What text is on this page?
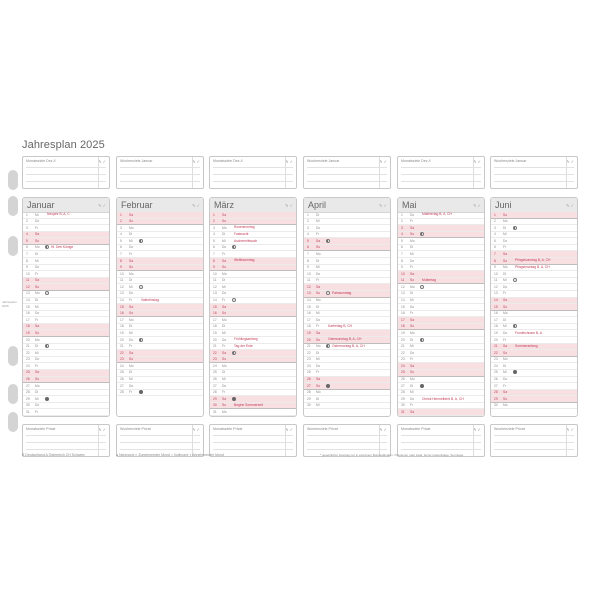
Jahresplan 2025
Jahresplan 2025
Monatsziele Dez./I	✎ ✓	Wochenziele Januar	✎ ✓	Monatsziele Dez./I	✎ ✓	Wochenziele Januar	✎ ✓	Monatsziele Dez./I	✎ ✓	Wochenziele Januar	✎ ✓
Januar	✎ ✓
1 Mi	Neujahr B, A, C
2 Do
3 Fr
4 Sa
5 So
6 Mo	Hl. Drei Könige
7 Di
8 Mi
9 Do
10 Fr
11 Sa
12 So
13 Mo
14 Di
15 Mi
16 Do
17 Fr
18 Sa
19 So
20 Mo
21 Di
22 Mi
23 Do
24 Fr
25 Sa
26 So
27 Mo
28 Di
29 Mi
30 Do
31 Fr
Februar	✎ ✓
1 Sa
2 So
3 Mo
4 Di
5 Mi
6 Do
7 Fr
8 Sa
9 So
10 Mo
11 Di
12 Mi
13 Do
14 Fr	Valentinstag
15 Sa
16 So
17 Mo
18 Di
19 Mi
20 Do
21 Fr
22 Sa
23 So
24 Mo
25 Di
26 Mi
27 Do
28 Fr
März	✎ ✓
1 Sa
2 So
3 Mo Rosenmontag
4 Di	Fastnacht
5 Mi	Aschermittwoch
6 Do
7 Fr
8 Sa Weltfrauentag
9 So
10 Mo
11 Di
12 Mi
13 Do
14 Fr
15 Sa
16 So
17 Mo
18 Di
19 Mi
20 Do Frühlingsanfang
21 Fr	Tag der Erde
22 Sa
23 So
24 Mo
25 Di
26 Mi
27 Do
28 Fr
29 Sa
30 So Beginn Sommerzeit
31 Mo
April	✎ ✓
1 Di
2 Mi
3 Do
4 Fr
5 Sa
6 So
7 Mo
8 Di
9 Mi
10 Do
11 Fr
12 Sa
13 So	Palmsonntag
14 Mo
15 Di
16 Mi
17 Do
18 Fr	Karfreitag B, CH
19 Sa
20 So Ostersonntag B, A, CH
21 Mo	Ostermontag B, A, CH
22 Di
23 Mi
24 Do
25 Fr
26 Sa
27 So
28 Mo
29 Di
30 Mi
Mai	✎ ✓
1 Do Maifeiertag B, A, CH
2 Fr
3 Sa
4 So
5 Mo
6 Di
7 Mi
8 Do
9 Fr
10 Sa
11 So Muttertag
12 Mo
13 Di
14 Mi
15 Do
16 Fr
17 Sa
18 So
19 Mo
20 Di
21 Mi
22 Do
23 Fr
24 Sa
25 So
26 Mo
27 Di
28 Mi
29 Do Christi Himmelfahrt B, A, CH
30 Fr
31 Sa
Juni	✎ ✓
1 So
2 Mo
3 Di
4 Mi
5 Do
6 Fr
7 Sa
8 So Pfingstsonntag B, A, CH
9 Mo Pfingstmontag B, A, CH
10 Di
11 Mi
12 Do
13 Fr
14 Sa
15 So
16 Mo
17 Di
18 Mi
19 Do Fronleichnam B, A
20 Fr
21 Sa Sommeranfang
22 So
23 Mo
24 Di
25 Mi
26 Do
27 Fr
28 Sa
29 So
30 Mo
Monatsziele Privat	✎ ✓	Wochenziele Privat	✎ ✓	Monatsziele Privat	✎ ✓	Wochenziele Privat	✎ ✓	Monatsziele Privat	✎ ✓	Wochenziele Privat	✎ ✓
B Deutschland A Österreich CH Schweiz	● Neumond ◐ Zunehmender Mond ○ Vollmond ◑ Abnehmender Mond	* gesetzlicher Feiertag nur in einzelnen Bundesländern / Kantonen oder lokal, ferner Gedenktage, Sonntage
